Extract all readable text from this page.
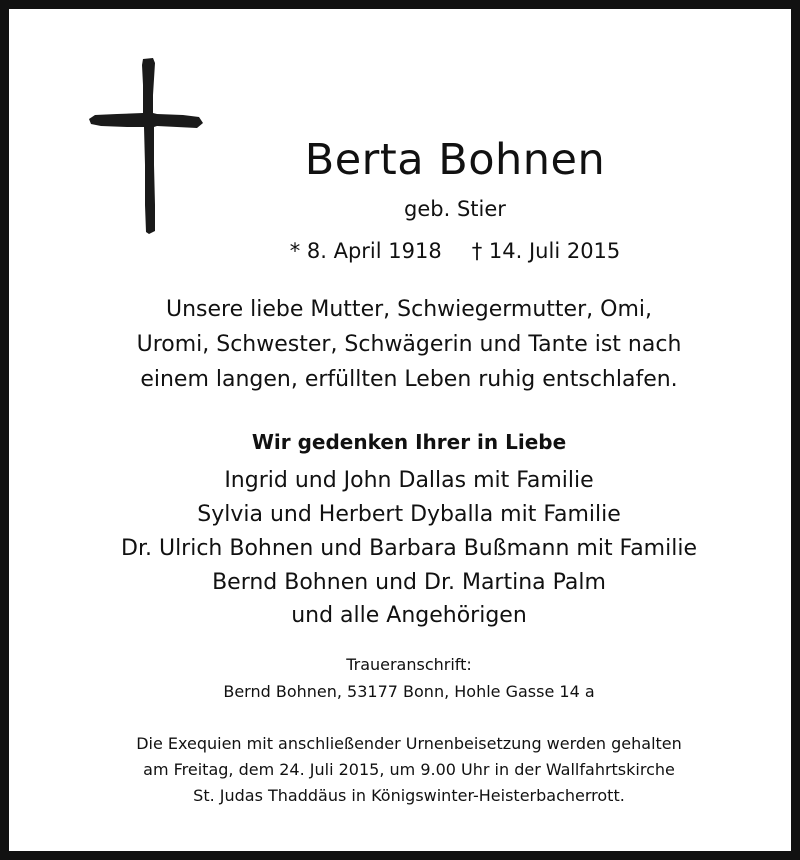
Berta Bohnen
geb. Stier
* 8. April 1918 † 14. Juli 2015
Unsere liebe Mutter, Schwiegermutter, Omi,
Uromi, Schwester, Schwägerin und Tante ist nach
einem langen, erfüllten Leben ruhig entschlafen.
Wir gedenken Ihrer in Liebe
Ingrid und John Dallas mit Familie
Sylvia und Herbert Dyballa mit Familie
Dr. Ulrich Bohnen und Barbara Bußmann mit Familie
Bernd Bohnen und Dr. Martina Palm
und alle Angehörigen
Traueranschrift:
Bernd Bohnen, 53177 Bonn, Hohle Gasse 14 a
Die Exequien mit anschließender Urnenbeisetzung werden gehalten
am Freitag, dem 24. Juli 2015, um 9.00 Uhr in der Wallfahrtskirche
St. Judas Thaddäus in Königswinter-Heisterbacherrott.
